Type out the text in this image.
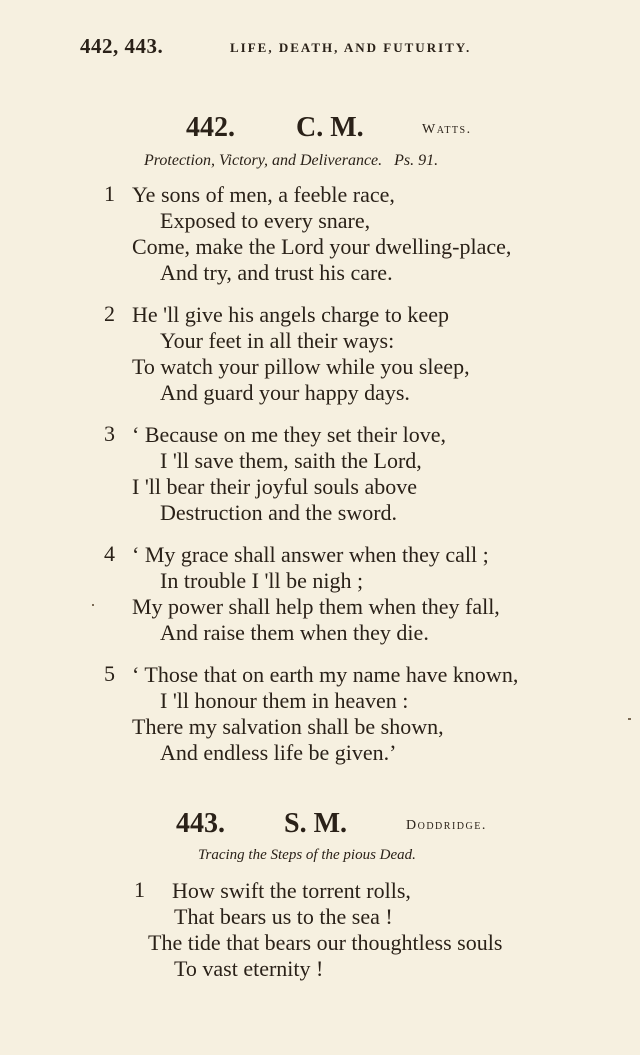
442, 443.	LIFE, DEATH, AND FUTURITY.
442. C. M.	Watts.
Protection, Victory, and Deliverance.   Ps. 91.
1 Ye sons of men, a feeble race,
Exposed to every snare,
Come, make the Lord your dwelling-place,
And try, and trust his care.
2 He 'll give his angels charge to keep
Your feet in all their ways:
To watch your pillow while you sleep,
And guard your happy days.
3 ‘ Because on me they set their love,
I 'll save them, saith the Lord,
I 'll bear their joyful souls above
Destruction and the sword.
4 ‘ My grace shall answer when they call ;
In trouble I 'll be nigh ;
My power shall help them when they fall,
And raise them when they die.
5 ‘ Those that on earth my name have known,
I 'll honour them in heaven :
There my salvation shall be shown,
And endless life be given.’
443. S. M.	Doddridge.
Tracing the Steps of the pious Dead.
1 How swift the torrent rolls,
That bears us to the sea !
The tide that bears our thoughtless souls
To vast eternity !
